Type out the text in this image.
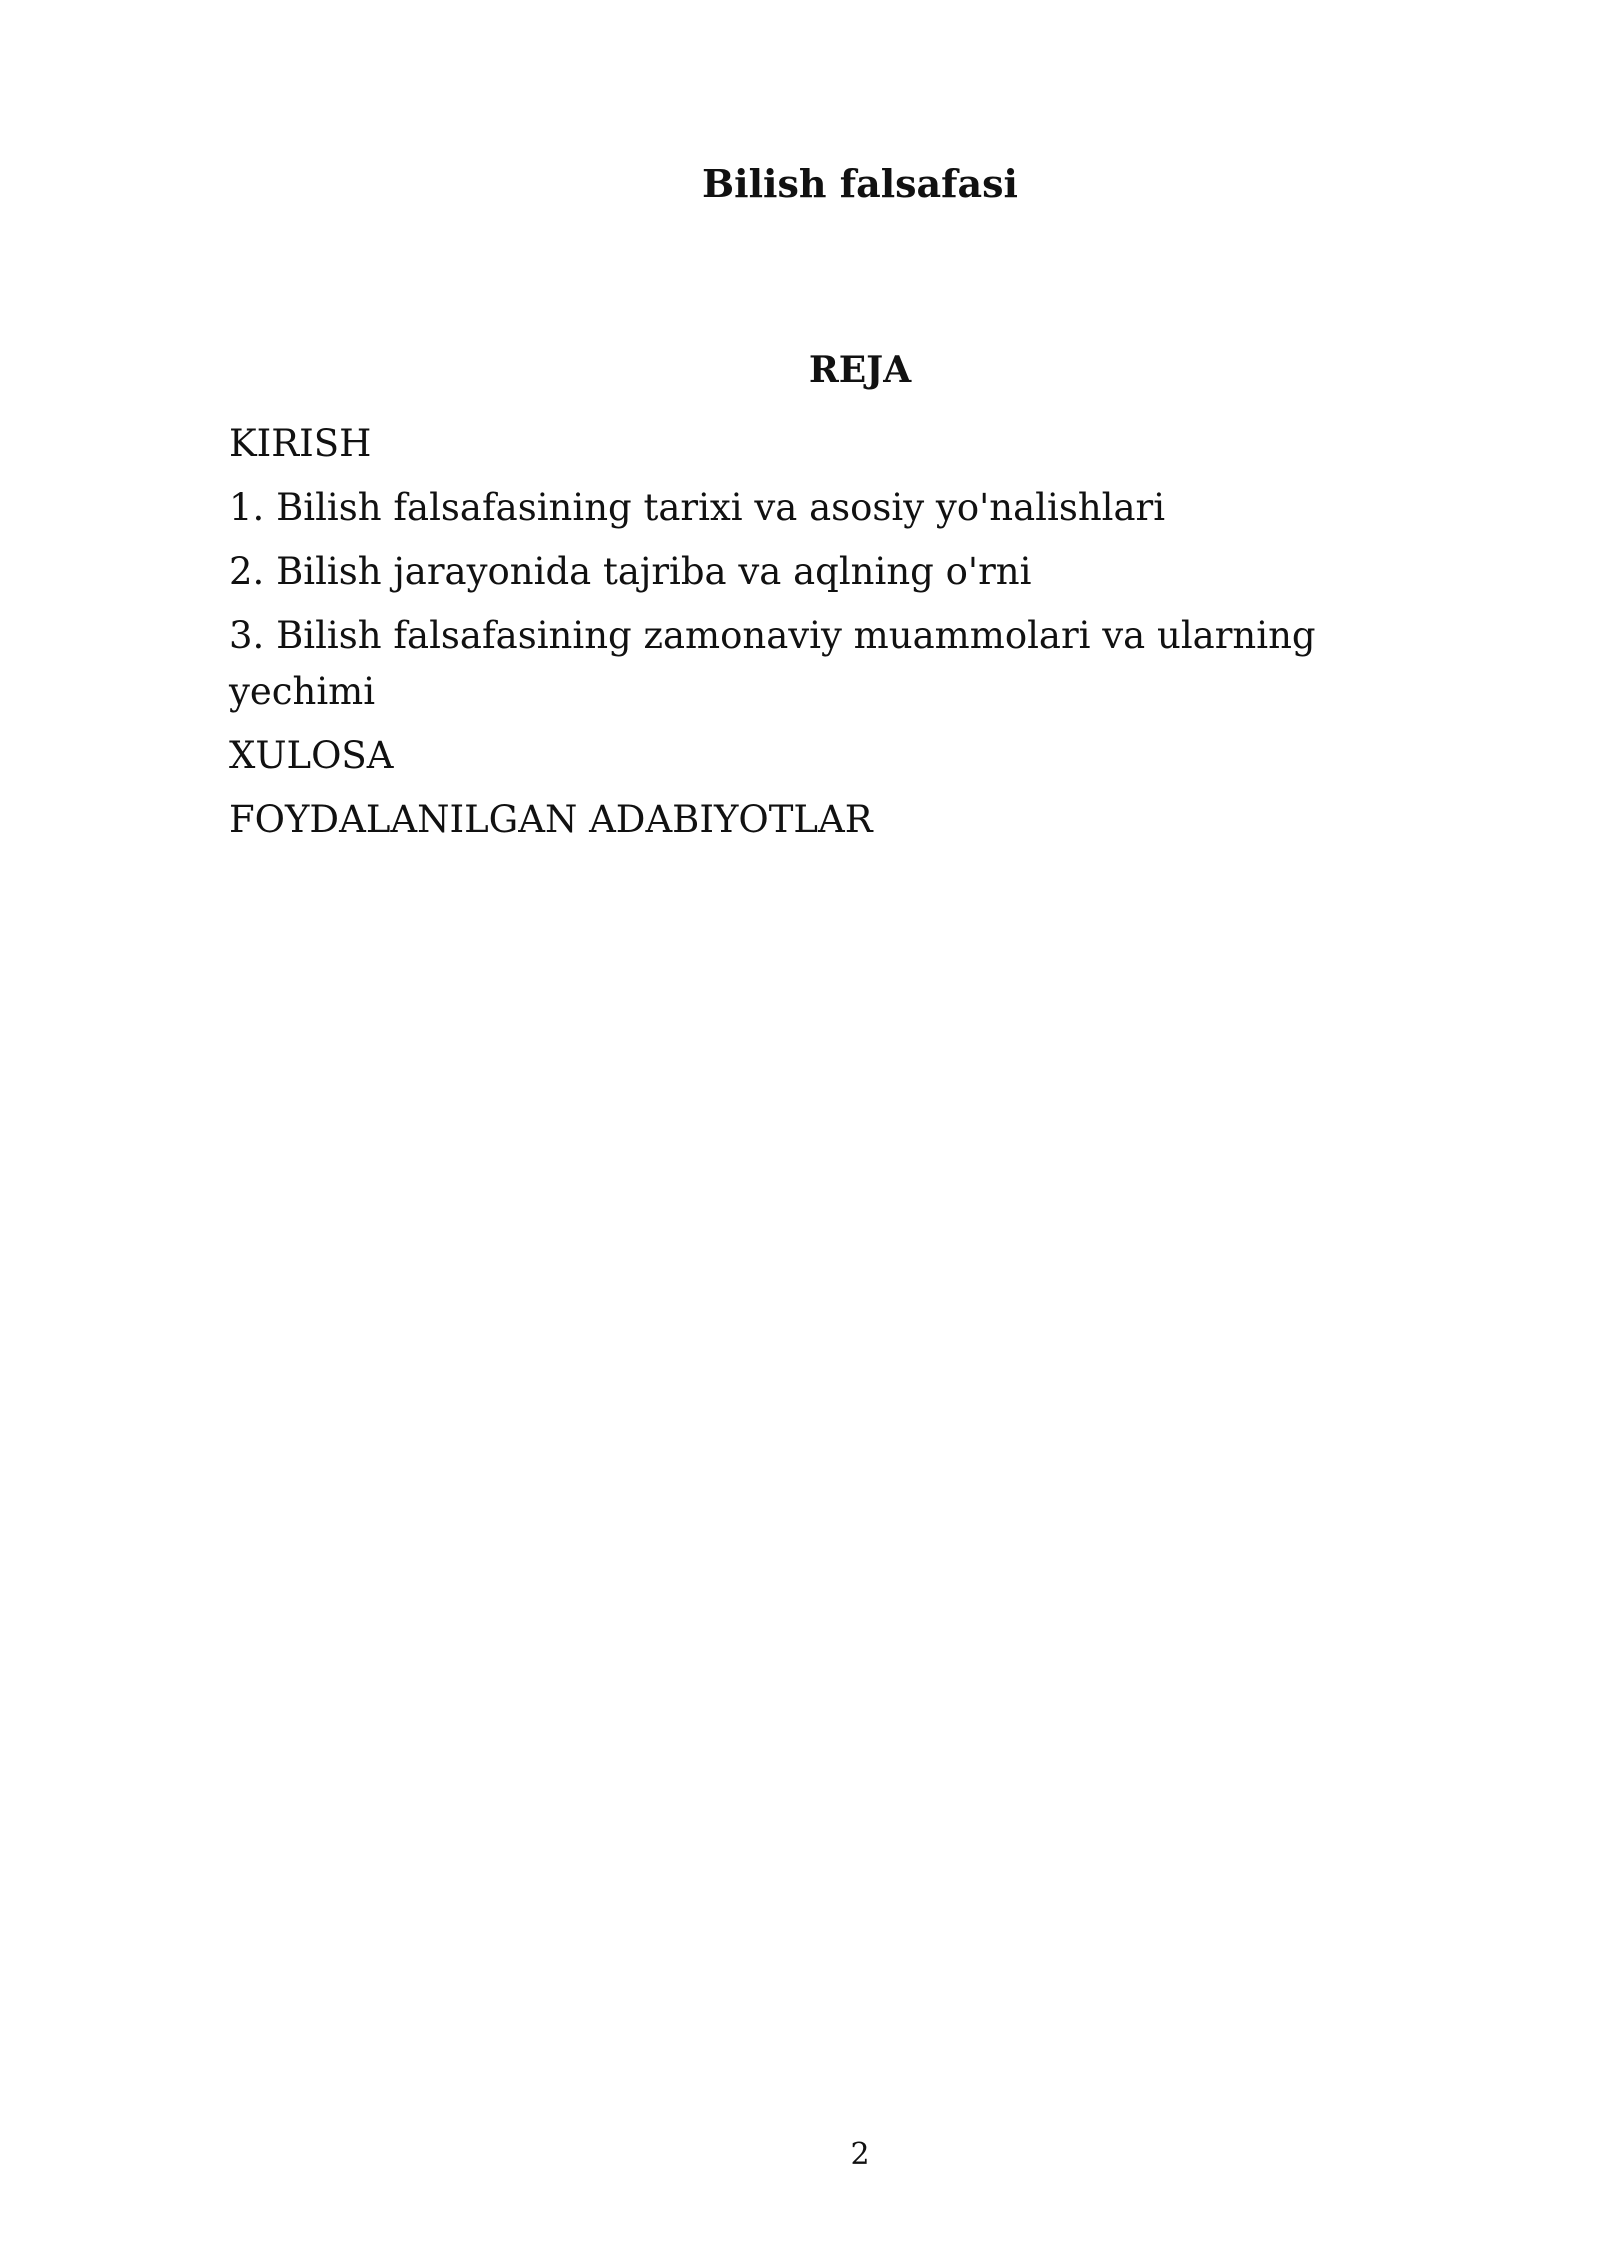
Bilish falsafasi
REJA
KIRISH
1. Bilish falsafasining tarixi va asosiy yo'nalishlari
2. Bilish jarayonida tajriba va aqlning o'rni
3. Bilish falsafasining zamonaviy muammolari va ularning yechimi
XULOSA
FOYDALANILGAN ADABIYOTLAR
2
